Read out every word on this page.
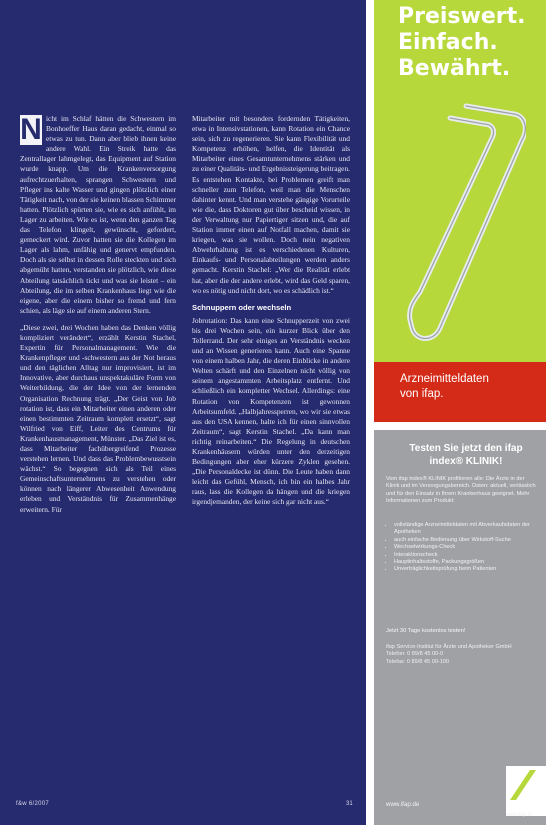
N icht im Schlaf hätten die Schwestern im Bonhoeffer Haus daran gedacht, einmal so etwas zu tun. Dann aber blieb ihnen keine andere Wahl. Ein Streik hatte das Zentrallager lahmgelegt, das Equipment auf Station wurde knapp. Um die Krankenversorgung aufrechtzuerhalten, sprangen Schwestern und Pfleger ins kalte Wasser und gingen plötzlich einer Tätigkeit nach, von der sie keinen blassen Schimmer hatten. Plötzlich spürten sie, wie es sich anfühlt, im Lager zu arbeiten. Wie es ist, wenn den ganzen Tag das Telefon klingelt, gewünscht, gefordert, gemeckert wird. Zuvor hatten sie die Kollegen im Lager als lahm, unfähig und genervt empfunden. Doch als sie selbst in dessen Rolle steckten und sich abgemüht hatten, verstanden sie plötzlich, wie diese Abteilung tatsächlich tickt und was sie leistet – ein Abteilung, die im selben Krankenhaus liegt wie die eigene, aber die einem bisher so fremd und fern schien, als läge sie auf einem anderen Stern.

„Diese zwei, drei Wochen haben das Denken völlig kompliziert verändert“, erzählt Kerstin Stachel, Expertin für Personalmanagement. Wie die Krankenpfleger und -schwestern aus der Not heraus und den täglichen Alltag nur improvisiert, ist im Innovative, aber durchaus unspektakuläre Form von Weiterbildung, die der Idee von der lernenden Organisation Rechnung trägt. „Der Geist von Job rotation ist, dass ein Mitarbeiter einen anderen oder einen bestimmten Zeitraum komplett ersetzt“, sagt Wilfried von Eiff, Leiter des Centrums für Krankenhausmanagement, Münster. „Das Ziel ist es, dass Mitarbeiter fachübergreifend Prozesse verstehen lernen. Und dass das Problembewusstsein wächst.“ So begegnen sich als Teil eines Gemeinschaftsunternehmens zu verstehen oder können nach längerer Abwesenheit Anwendung erleben und Verständnis für Zusammenhänge erweitern. Für

Mitarbeiter mit besonders fordernden Tätigkeiten, etwa in Intensivstationen, kann Rotation ein Chance sein, sich zu regenerieren. Sie kann Flexibilität und Kompetenz erhöhen, helfen, die Identität als Mitarbeiter eines Gesamtunternehmens stärken und zu einer Qualitäts- und Ergebnissteigerung beitragen. Es entstehen Kontakte, bei Problemen greift man schneller zum Telefon, weil man die Menschen dahinter kennt. Und man verstehe gängige Vorurteile wie die, dass Doktoren gut über bescheid wissen, in der Verwaltung nur Papiertiger sitzen und, die auf Station immer einen auf Notfall machen, damit sie kriegen, was sie wollen. Doch nein negativen Abwehrhaltung ist es verschiedenen Kulturen, Einkaufs- und Personalabteilungen werden anders gemacht. Kerstin Stachel: „Wer die Realität erlebt hat, aber die der andere erlebt, wird das Geld sparen, wo es nötig und nicht dort, wo es schädlich ist.“

Schnuppern oder wechseln

Jobrotation: Das kann eine Schnupperzeit von zwei bis drei Wochen sein, ein kurzer Blick über den Tellerrand. Der sehr einiges an Verständnis wecken und an Wissen generieren kann. Auch eine Spanne von einem halben Jahr, die deren Einblicke in andere Welten schärft und den Einzelnen nicht völlig von seinem angestammten Arbeitsplatz entfernt. Und schließlich ein kompletter Wechsel. Allerdings: eine Rotation von Kompetenzen ist gewonnen Arbeitsumfeld. „Halbjahressperren, wo wir sie etwas aus den USA kennen, halte ich für einen sinnvollen Zeitraum“, sagt Kerstin Stachel. „Da kann man richtig reinarbeiten.“ Die Regelung in deutschen Krankenhäusern würden unter den derzeitigen Bedingungen aber eher kürzere Zyklen gesehen. „Die Personaldecke ist dünn. Die Leute haben dann leicht das Gefühl, Mensch, ich bin ein halbes Jahr raus, lass die Kollegen da hängen und die kriegen irgendjemanden, der keine sich gar nicht aus.“

f&w 6/2007	31
Preiswert.
Einfach.
Bewährt.
Arzneimitteldaten
von ifap.
Testen Sie jetzt den ifap index® KLINIK!
Vom ifap index® KLINIK profitieren alle: Die Ärzte in der Klinik und im Versorgungsbereich. Daten: aktuell, verlässlich und für den Einsatz in Ihrem Krankenhaus geeignet. Mehr Informationen zum Produkt:
• vollständige Arzneimitteldaten mit Abverkaufsdaten der Apotheken
• auch einfache Bedienung über Wirkstoff-Suche
• Wechselwirkungs-Check
• Interaktionscheck
• Hauptinhaltsstoffe, Packungsgrößen
• Unverträglichkeitsprüfung beim Patienten
Jetzt 30 Tage kostenlos testen!
ifap Service-Institut für Ärzte und Apotheker GmbH
Telefon: 0 89/8 45 00-0
Telefax: 0 89/8 45 00-100
www.ifap.de	ifap
www.ifap.de
